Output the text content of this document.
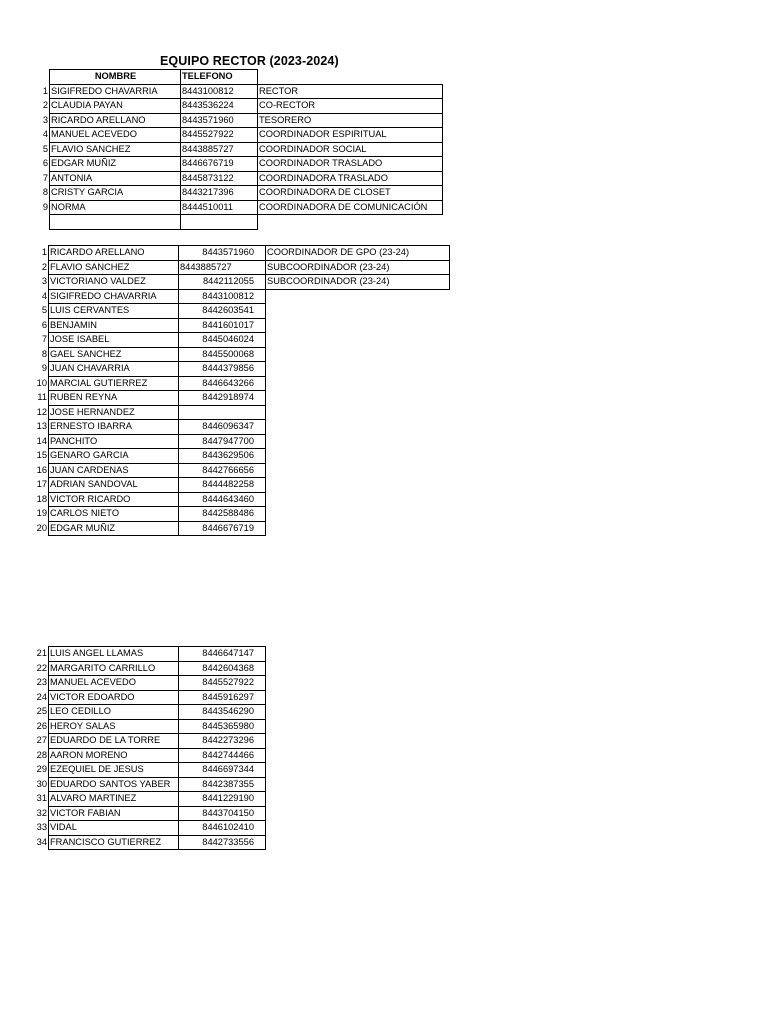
EQUIPO RECTOR (2023-2024)
	NOMBRE	TELEFONO	
1	SIGIFREDO CHAVARRIA	8443100812	RECTOR
2	CLAUDIA PAYAN	8443536224	CO-RECTOR
3	RICARDO ARELLANO	8443571960	TESORERO
4	MANUEL ACEVEDO	8445527922	COORDINADOR ESPIRITUAL
5	FLAVIO SANCHEZ	8443885727	COORDINADOR SOCIAL
6	EDGAR MUÑIZ	8446676719	COORDINADOR TRASLADO
7	ANTONIA	8445873122	COORDINADORA TRASLADO
8	CRISTY GARCIA	8443217396	COORDINADORA DE CLOSET
9	NORMA	8444510011	COORDINADORA DE COMUNICACIÓN

1	RICARDO ARELLANO	8443571960	COORDINADOR DE GPO (23-24)
2	FLAVIO SANCHEZ	8443885727	SUBCOORDINADOR (23-24)
3	VICTORIANO VALDEZ	8442112055	SUBCOORDINADOR (23-24)
4	SIGIFREDO CHAVARRIA	8443100812	
5	LUIS CERVANTES	8442603541	
6	BENJAMIN	8441601017	
7	JOSE ISABEL	8445046024	
8	GAEL SANCHEZ	8445500068	
9	JUAN CHAVARRIA	8444379856	
10	MARCIAL GUTIERREZ	8446643266	
11	RUBEN REYNA	8442918974	
12	JOSE HERNANDEZ		
13	ERNESTO IBARRA	8446096347	
14	PANCHITO	8447947700	
15	GENARO GARCIA	8443629506	
16	JUAN CARDENAS	8442766656	
17	ADRIAN SANDOVAL	8444482258	
18	VICTOR RICARDO	8444643460	
19	CARLOS NIETO	8442588486	
20	EDGAR MUÑIZ	8446676719	
21	LUIS ANGEL LLAMAS	8446647147
22	MARGARITO CARRILLO	8442604368
23	MANUEL ACEVEDO	8445527922
24	VICTOR EDOARDO	8445916297
25	LEO CEDILLO	8443546290
26	HEROY SALAS	8445365980
27	EDUARDO DE LA TORRE	8442273296
28	AARON MORENO	8442744466
29	EZEQUIEL DE JESUS	8446697344
30	EDUARDO SANTOS YABER	8442387355
31	ALVARO MARTINEZ	8441229190
32	VICTOR FABIAN	8443704150
33	VIDAL	8446102410
34	FRANCISCO GUTIERREZ	8442733556
